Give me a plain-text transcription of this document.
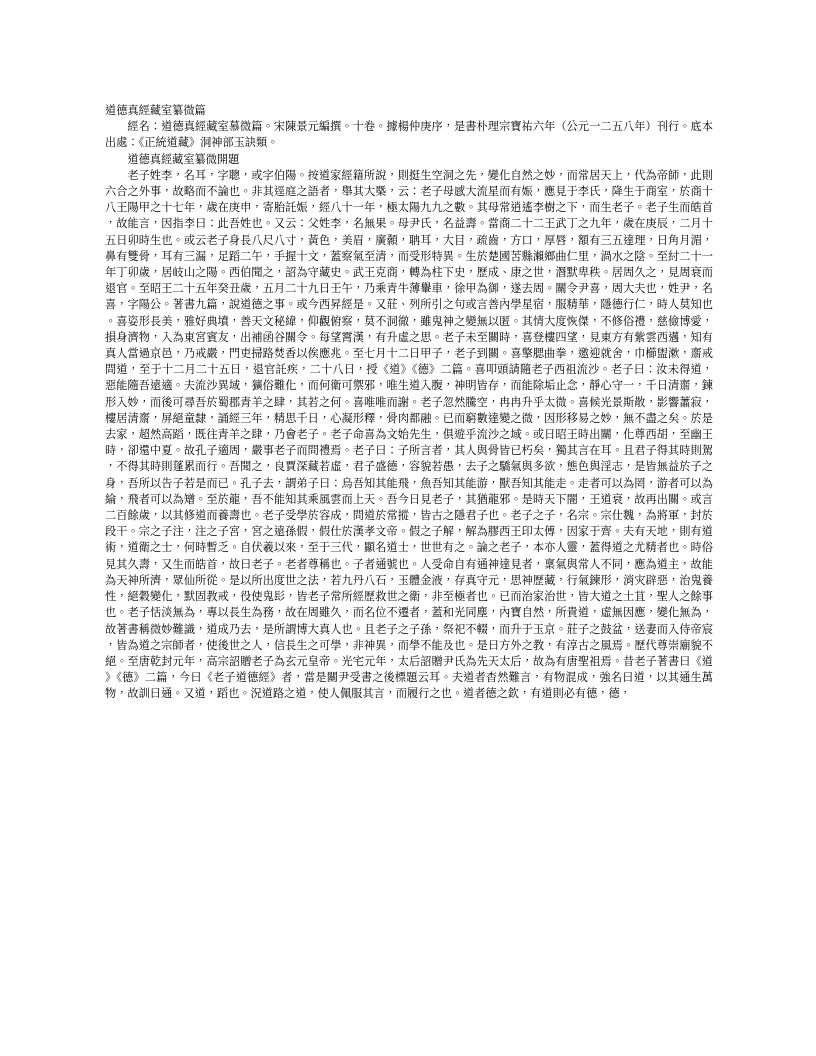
道德真經藏室纂微篇

經名：道德真經藏室慕微篇。宋陳景元編撰。十卷。據楊仲庚序，是書朴理宗寶祐六年（公元一二五八年）刊行。底本出處：《正統道藏》洞神部玉訣類。

道德真經藏室纂微開題

老子姓李，名耳，字聰，或字伯陽。按道家經籍所說，則挺生空洞之先，變化自然之妙，而常居天上，代為帝師，此則六合之外事，故略而不論也。非其逕庭之語者，舉其大槩，云：老子母感大流星而有娠，應見于李氏，降生于商室，於商十八王陽甲之十七年，歲在庚申，寄胎託娠，經八十一年，極太陽九九之數。其母常逍遙李樹之下，而生老子。老子生而皓首，故能言，因指李曰：此吾姓也。又云：父姓李，名無果。母尹氏，名益壽。當商二十二王武丁之九年，歲在庚辰，二月十五日卯時生也。或云老子身長八尺八寸，黃色，美眉，廣顙，聃耳，大目，疏齒，方口，厚唇，額有三五達理，日角月湄，鼻有雙骨，耳有三漏，足蹈二午，手握十文，蓋察氣至清，而受形特異。生於楚國苦縣瀨鄉曲仁里，渦水之陰。至紂二十一年丁卯歲，居岐山之陽。西伯聞之，詔為守藏史。武王克商，轉為柱下史，歷成、康之世，潛默卑秩。居周久之，見周衰而退官。至昭王二十五年癸丑歲，五月二十九日壬午，乃乘青牛薄轝車，徐甲為御，遂去周。關令尹喜，周大夫也，姓尹，名喜，字陽公。著書九篇，說道德之事。或今西昇經是。又莊、列所引之句或言善內學星宿，服精華，隱德行仁，時人莫知也。喜姿形長美，雅好典墳，善天文秘緯，仰觀俯察，莫不洞徹，雖鬼神之變無以匿。其情大度恢傑，不修俗禮，慈儉博愛，損身濟物，入為東宮賓友，出補函谷關令。每望霄漢，有升虛之思。老子未至關時，喜登樓四望，見東方有紫雲西邁，知有真人當過京邑，乃戒嚴，門吏掃路焚香以俟應兆。至七月十二日甲子，老子到關。喜擎腮曲拳，邀迎就舍，巾櫛盥漱，齋戒問道，至于十二月二十五日，退官託疾，二十八日，授《道》《德》二篇。喜叩頭請隨老子西祖流沙。老子曰：汝未得道，惡能隨吾遠適。夫流沙異域，獷俗難化，而何衛可禦邪，唯生道入腹，神明皆存，而能除垢止念，靜心守一，千日清齋，鍊形入妙，而後可尋吾於蜀郡青羊之肆，其若之何。喜唯唯而謝。老子忽然騰空，冉冉升乎太微。喜候光景斯散，影響蕭寂，樓居清齋，屏絕童隸，誦經三年，精思千日，心凝形釋，骨肉都融。已而窮數達變之微，因形移易之妙，無不盡之矣。於是去家，超然高蹈，既往青羊之肆，乃會老子。老子命喜為文始先生，俱遊乎流沙之域。或日昭王時出關，化尊西胡，至幽王時，卻還中夏。故孔子適周，嚴事老子而問禮焉。老子曰：子所言者，其人與骨皆已朽矣，獨其言在耳。且君子得其時則駕，不得其時則蓬累而行。吾聞之，良賈深藏若虛，君子盛德，容貌若愚，去子之驕氣與多欲，態色與淫志，是皆無益於子之身，吾所以告子若是而已。孔子去，謂弟子曰：烏吾知其能飛，魚吾知其能游，獸吾知其能走。走者可以為罔，游者可以為綸，飛者可以為矰。至於龍，吾不能知其乘風雲而上天。吾今日見老子，其猶龍邪。是時天下闇，王道衰，故再出關。或言二百餘歲，以其修道而養壽也。老子受學於容成，問道於常摐，皆古之隱君子也。老子之子，名宗。宗仕魏，為將軍，封於段干。宗之子注，注之子宮，宮之遠孫假，假仕於漢孝文帝。假之子解，解為膠西王印太傅，因家于齊。夫有天地，則有道術，道衛之士，何時暫乏。自伏羲以來，至于三代，顯名道士，世世有之。論之老子，本亦人靈，蓋得道之尤精者也。時俗見其久壽，又生而皓首，故曰老子。老者尊稱也。子者通號也。人受命自有通神達見者，稟氣與常人不同，應為道主，故能為天神所濟，眾仙所從。是以所出度世之法，若九丹八石，玉體金液，存真守元，思神歷藏，行氣鍊形，消灾辟惡，治鬼養性，絕穀變化，默固教戒，役使鬼髟，皆老子常所經歷救世之衛，非至極者也。已而治家治世，皆大道之土苴，聖人之餘事也。老子恬淡無為，專以長生為務，故在周雖久，而名位不遷者，蓋和光同塵，內寶自然，所貴道，虛無因應，變化無為，故著書稱微妙難識，道成乃去，是所謂博大真人也。且老子之子孫，祭祀不輟，而升于玉京。莊子之鼓盆，送妻而入侍帝宸，皆為道之宗師者，使後世之人，信長生之可學，非神異，而學不能及也。是曰方外之教，有淳古之風焉。歷代尊崇廟貌不絕。至唐乾封元年，高宗詔贈老子為玄元皇帝。光宅元年，太后詔贈尹氏為先天太后，故為有唐聖祖焉。昔老子著書曰《道》《德》二篇，今曰《老子道德經》者，當是關尹受書之後標題云耳。夫道者杳然難言，有物混成，強名曰道，以其通生萬物，故訓曰通。又道，蹈也。況道路之道，使人佩服其言，而履行之也。道者德之欽，有道則必有德，德，
